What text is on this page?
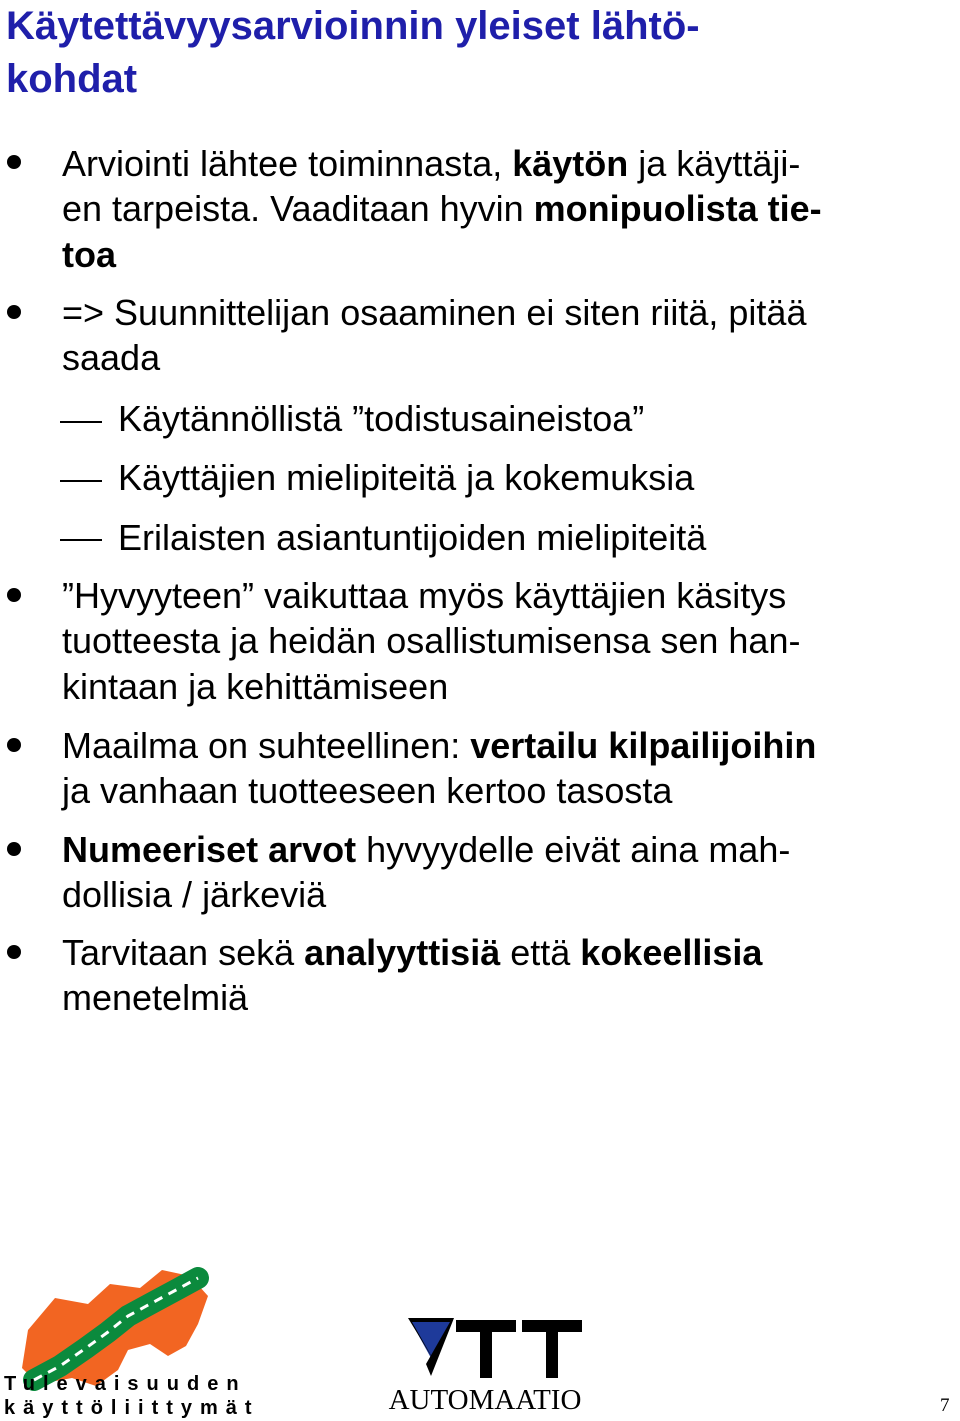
Käytettävyysarvioinnin yleiset lähtö-
kohdat
Arviointi lähtee toiminnasta, käytön ja käyttäji-
en tarpeista. Vaaditaan hyvin monipuolista tie-
toa
=> Suunnittelijan osaaminen ei siten riitä, pitää
saada
Käytännöllistä ”todistusaineistoa”
Käyttäjien mielipiteitä ja kokemuksia
Erilaisten asiantuntijoiden mielipiteitä
”Hyvyyteen” vaikuttaa myös käyttäjien käsitys
tuotteesta ja heidän osallistumisensa sen han-
kintaan ja kehittämiseen
Maailma on suhteellinen: vertailu kilpailijoihin
ja vanhaan tuotteeseen kertoo tasosta
Numeeriset arvot hyvyydelle eivät aina mah-
dollisia / järkeviä
Tarvitaan sekä analyyttisiä että kokeellisia
menetelmiä
Tulevaisuuden
käyttöliittymät	AUTOMAATIO	7
